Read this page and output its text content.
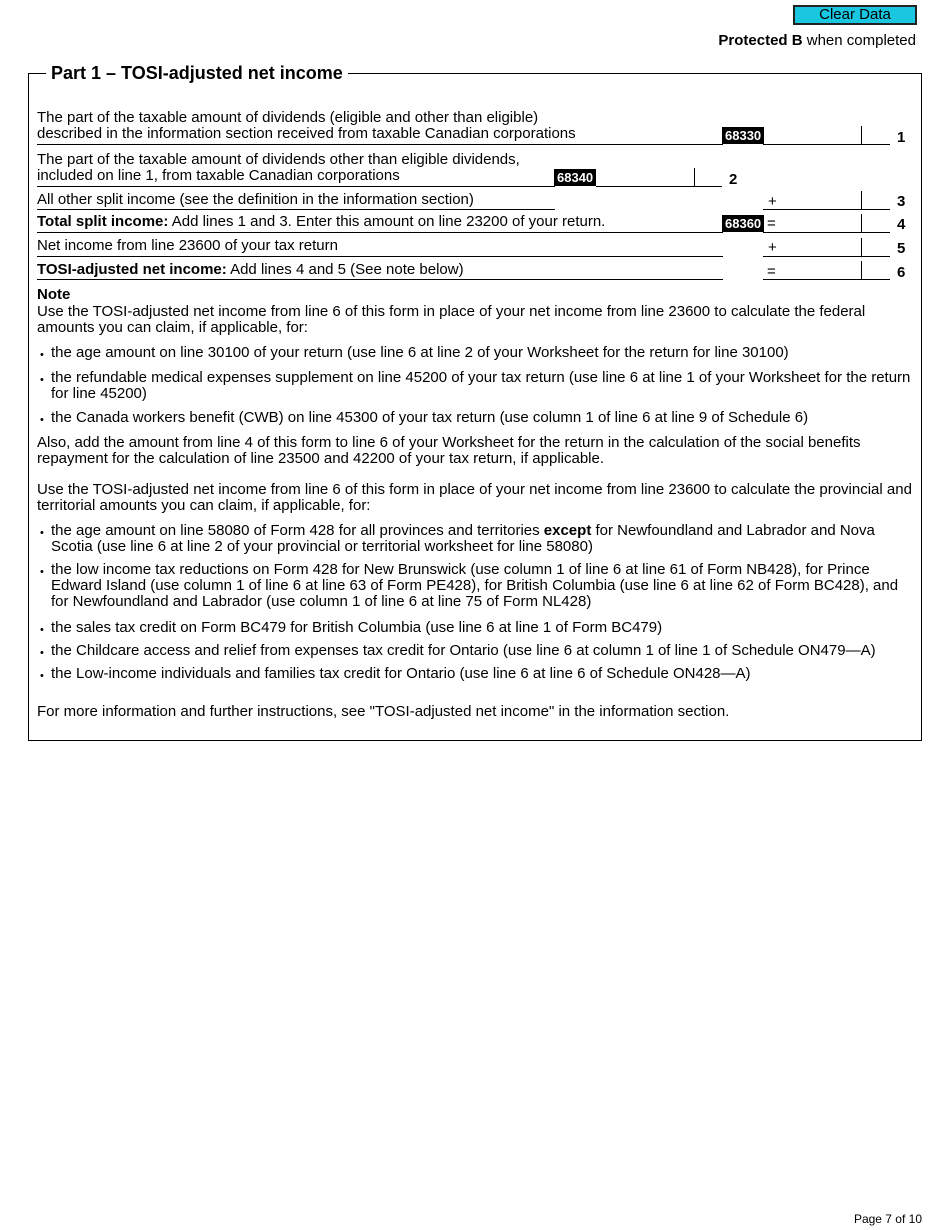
Clear Data
Protected B when completed
Part 1 – TOSI-adjusted net income
The part of the taxable amount of dividends (eligible and other than eligible)
described in the information section received from taxable Canadian corporations	68330	1
The part of the taxable amount of dividends other than eligible dividends,
included on line 1, from taxable Canadian corporations	68340	2
All other split income (see the definition in the information section)	+	3
Total split income: Add lines 1 and 3. Enter this amount on line 23200 of your return.	68360 =	4
Net income from line 23600 of your tax return	+	5
TOSI-adjusted net income: Add lines 4 and 5 (See note below)	=	6
Note
Use the TOSI-adjusted net income from line 6 of this form in place of your net income from line 23600 to calculate the federal amounts you can claim, if applicable, for:
• the age amount on line 30100 of your return (use line 6 at line 2 of your Worksheet for the return for line 30100)
• the refundable medical expenses supplement on line 45200 of your tax return (use line 6 at line 1 of your Worksheet for the return for line 45200)
• the Canada workers benefit (CWB) on line 45300 of your tax return (use column 1 of line 6 at line 9 of Schedule 6)
Also, add the amount from line 4 of this form to line 6 of your Worksheet for the return in the calculation of the social benefits repayment for the calculation of line 23500 and 42200 of your tax return, if applicable.
Use the TOSI-adjusted net income from line 6 of this form in place of your net income from line 23600 to calculate the provincial and territorial amounts you can claim, if applicable, for:
• the age amount on line 58080 of Form 428 for all provinces and territories except for Newfoundland and Labrador and Nova Scotia (use line 6 at line 2 of your provincial or territorial worksheet for line 58080)
• the low income tax reductions on Form 428 for New Brunswick (use column 1 of line 6 at line 61 of Form NB428), for Prince Edward Island (use column 1 of line 6 at line 63 of Form PE428), for British Columbia (use line 6 at line 62 of Form BC428), and for Newfoundland and Labrador (use column 1 of line 6 at line 75 of Form NL428)
• the sales tax credit on Form BC479 for British Columbia (use line 6 at line 1 of Form BC479)
• the Childcare access and relief from expenses tax credit for Ontario (use line 6 at column 1 of line 1 of Schedule ON479—A)
• the Low-income individuals and families tax credit for Ontario (use line 6 at line 6 of Schedule ON428—A)
For more information and further instructions, see "TOSI-adjusted net income" in the information section.
Page 7 of 10
